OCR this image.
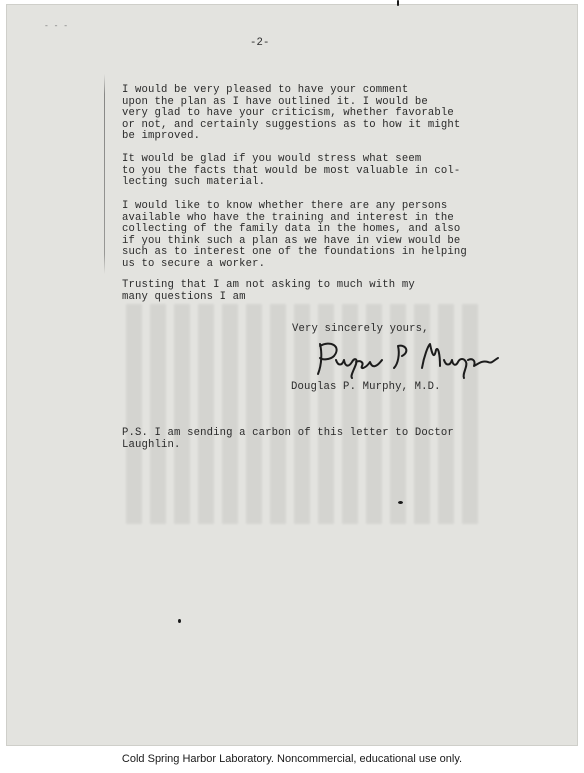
- - -
-2-
I would be very pleased to have your comment
upon the plan as I have outlined it. I would be
very glad to have your criticism, whether favorable
or not, and certainly suggestions as to how it might
be improved.
It would be glad if you would stress what seem
to you the facts that would be most valuable in col-
lecting such material.
I would like to know whether there are any persons
available who have the training and interest in the
collecting of the family data in the homes, and also
if you think such a plan as we have in view would be
such as to interest one of the foundations in helping
us to secure a worker.
Trusting that I am not asking to much with my
many questions I am
Very sincerely yours,
Douglas P. Murphy, M.D.
P.S. I am sending a carbon of this letter to Doctor
Laughlin.
Cold Spring Harbor Laboratory. Noncommercial, educational use only.
